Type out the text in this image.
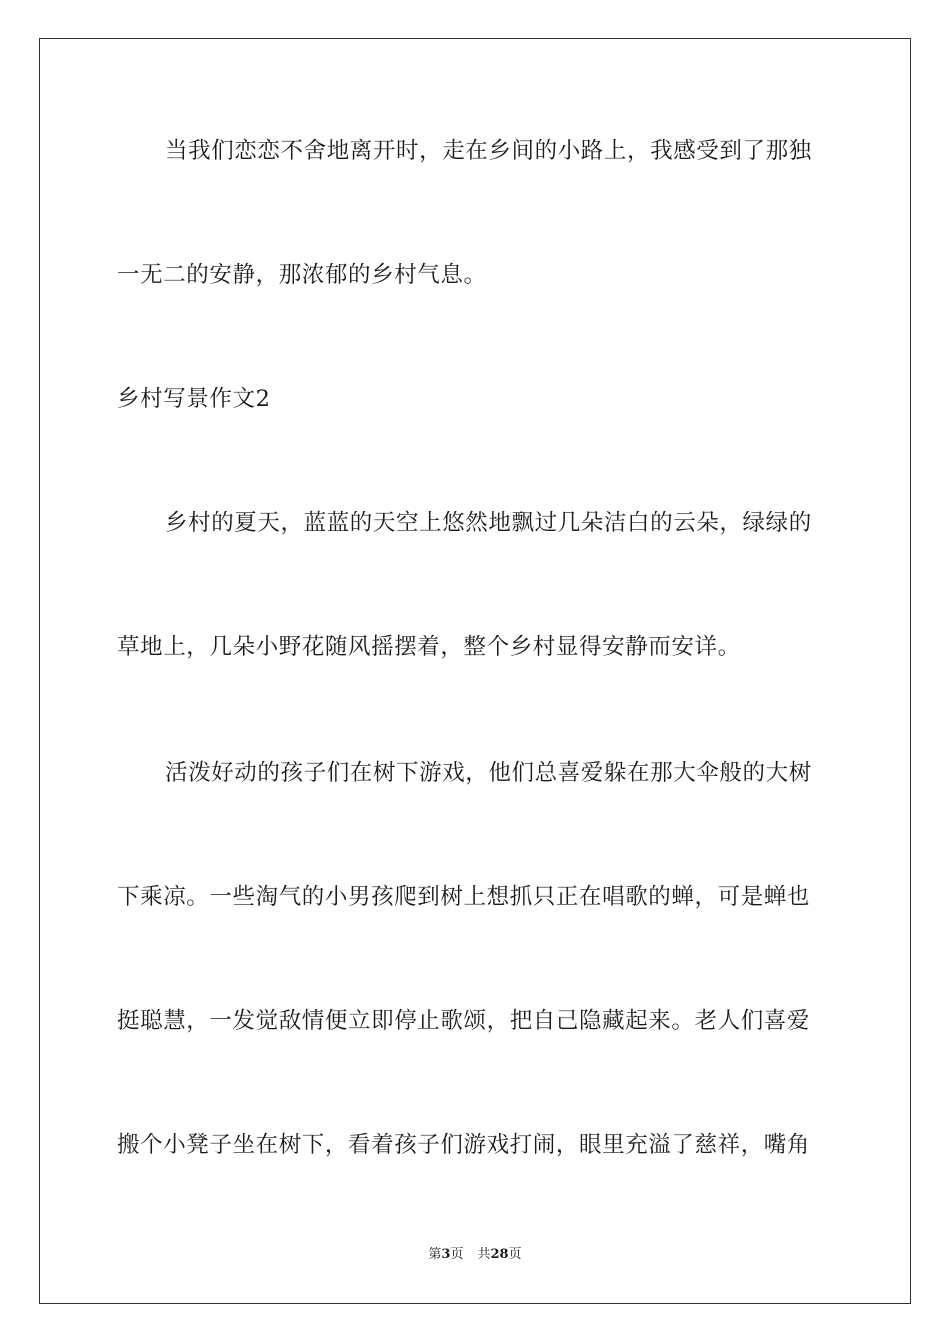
当我们恋恋不舍地离开时，走在乡间的小路上，我感受到了那独
一无二的安静，那浓郁的乡村气息。
乡村写景作文2
乡村的夏天，蓝蓝的天空上悠然地飘过几朵洁白的云朵，绿绿的
草地上，几朵小野花随风摇摆着，整个乡村显得安静而安详。
活泼好动的孩子们在树下游戏，他们总喜爱躲在那大伞般的大树
下乘凉。一些淘气的小男孩爬到树上想抓只正在唱歌的蝉，可是蝉也
挺聪慧，一发觉敌情便立即停止歌颂，把自己隐藏起来。老人们喜爱
搬个小凳子坐在树下，看着孩子们游戏打闹，眼里充溢了慈祥，嘴角
第3页 共28页
